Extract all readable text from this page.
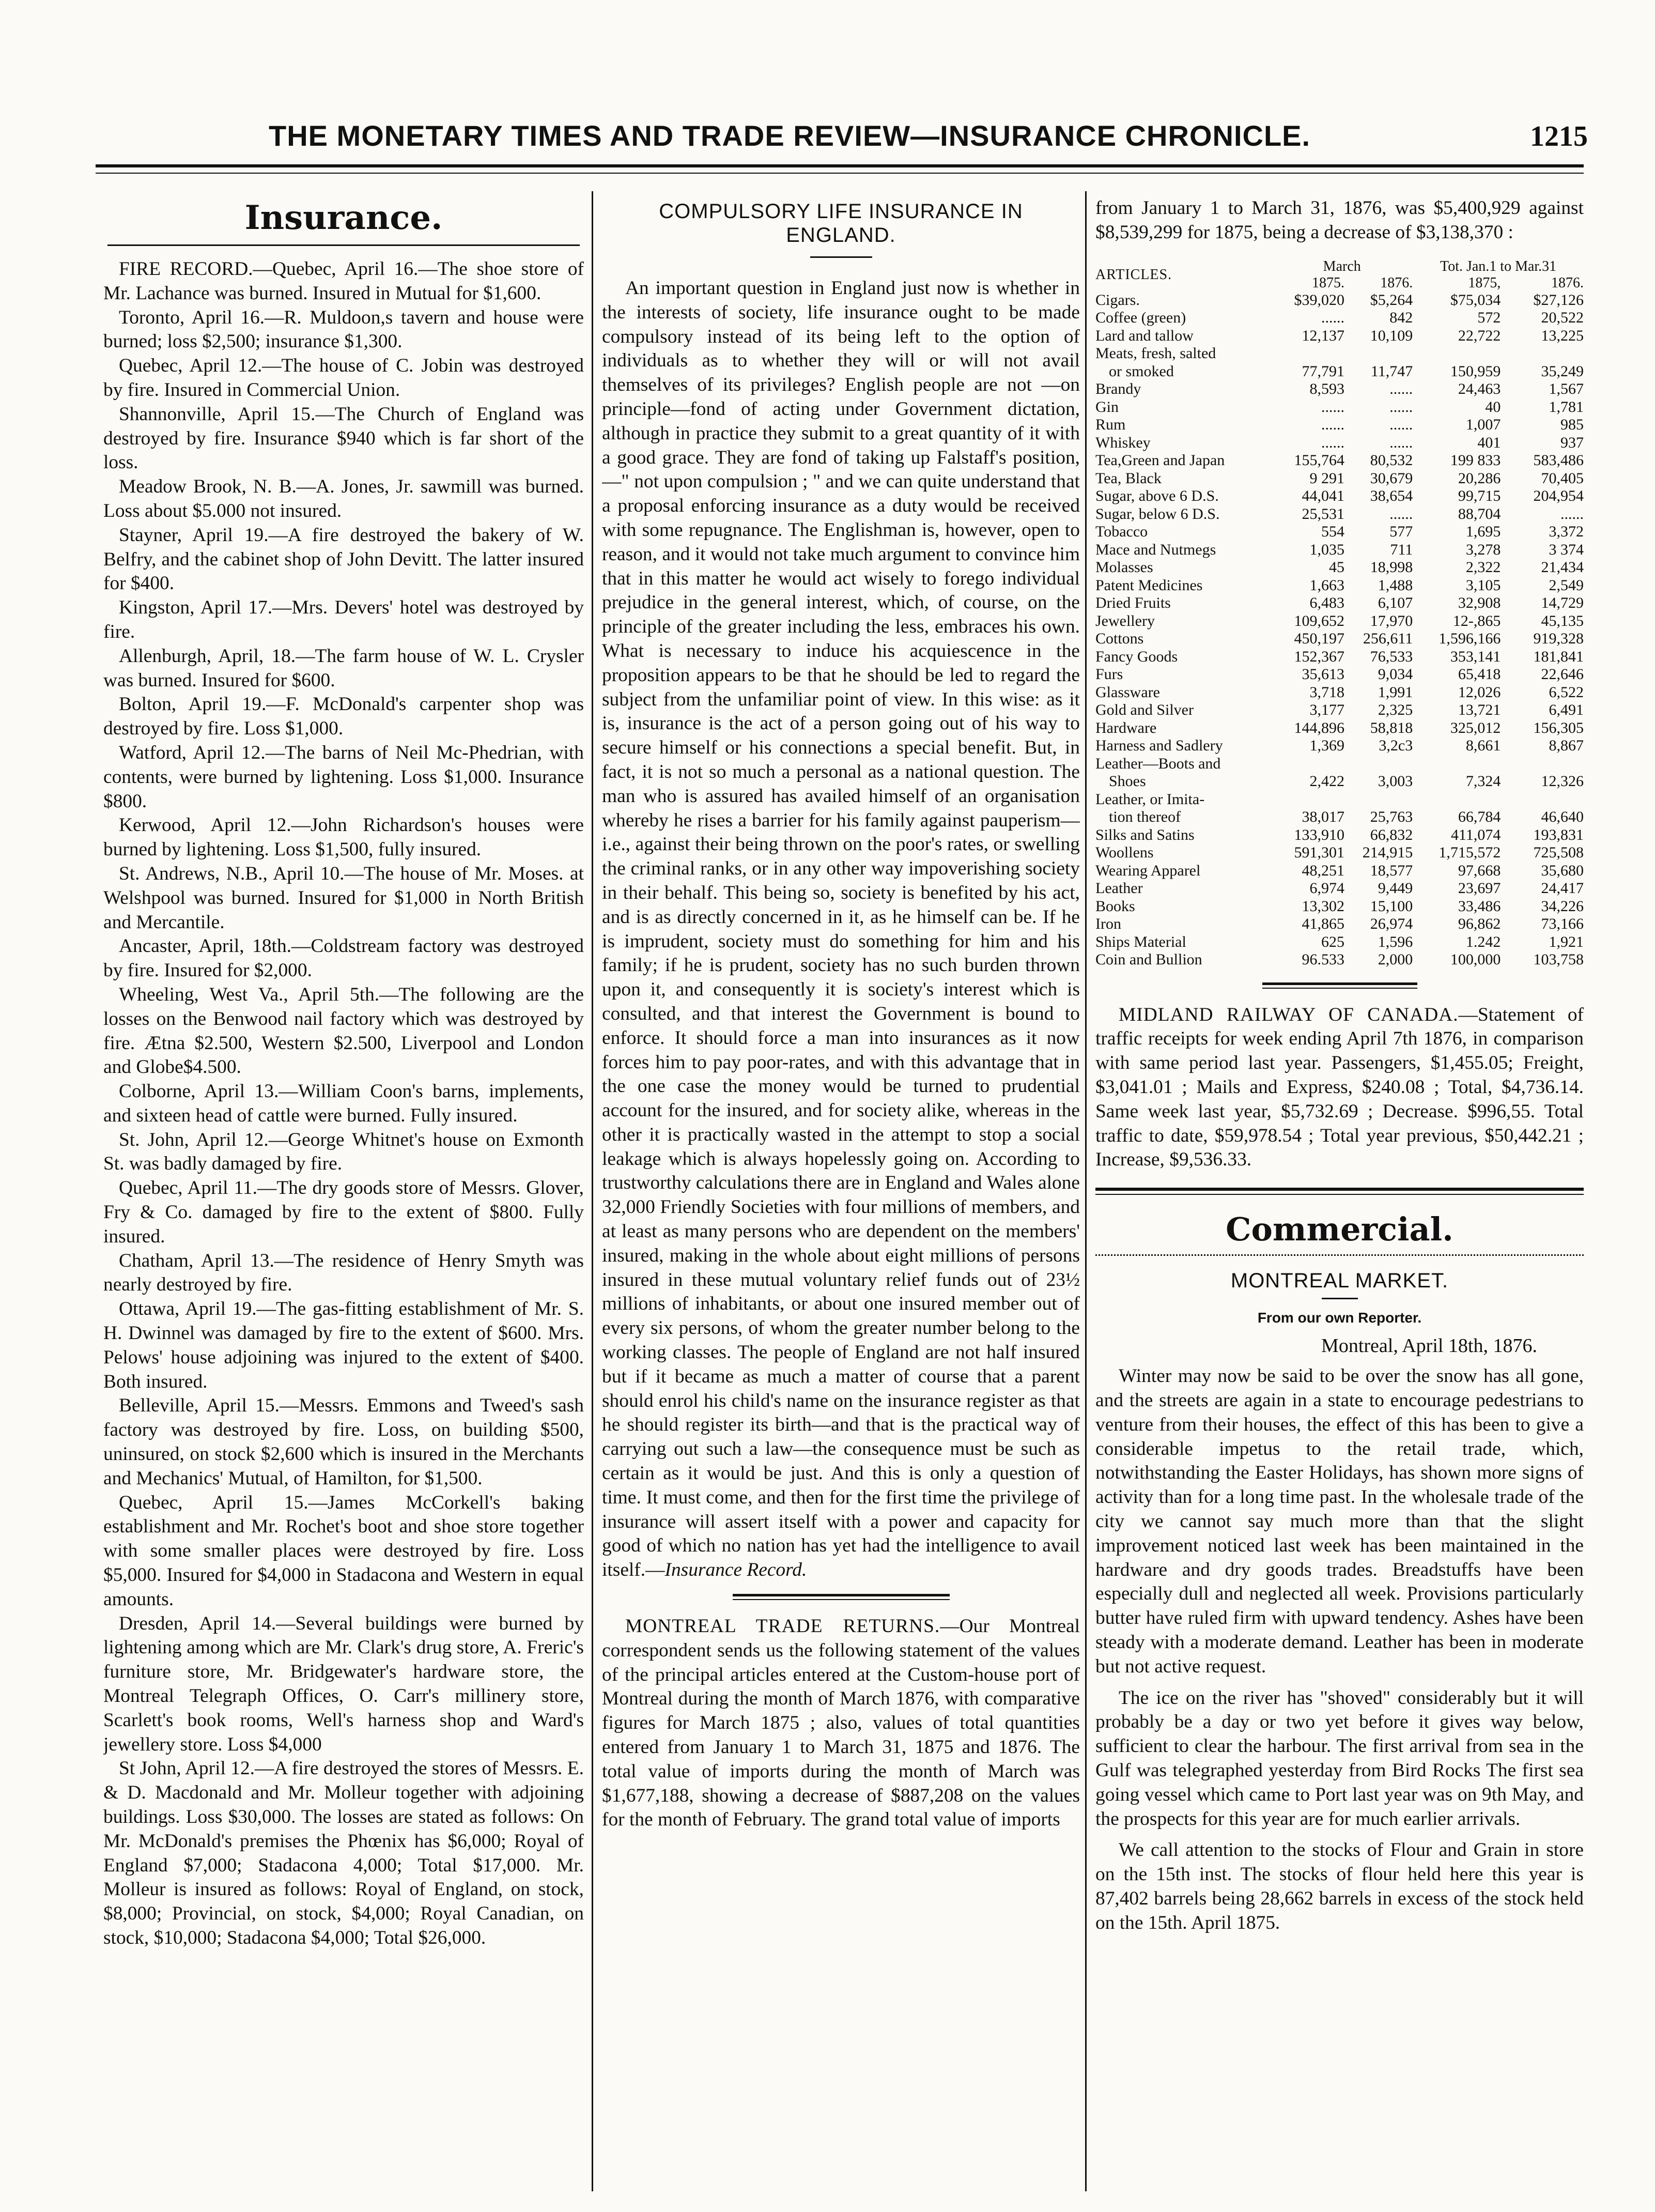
THE MONETARY TIMES AND TRADE REVIEW—INSURANCE CHRONICLE.	1215
Insurance.

FIRE RECORD.—Quebec, April 16.—The shoe store of Mr. Lachance was burned. Insured in Mutual for $1,600.

Toronto, April 16.—R. Muldoon,s tavern and house were burned; loss $2,500; insurance $1,300.

Quebec, April 12.—The house of C. Jobin was destroyed by fire. Insured in Commercial Union.

Shannonville, April 15.—The Church of England was destroyed by fire. Insurance $940 which is far short of the loss.

Meadow Brook, N. B.—A. Jones, Jr. sawmill was burned. Loss about $5.000 not insured.

Stayner, April 19.—A fire destroyed the bakery of W. Belfry, and the cabinet shop of John Devitt. The latter insured for $400.

Kingston, April 17.—Mrs. Devers' hotel was destroyed by fire.

Allenburgh, April, 18.—The farm house of W. L. Crysler was burned. Insured for $600.

Bolton, April 19.—F. McDonald's carpenter shop was destroyed by fire. Loss $1,000.

Watford, April 12.—The barns of Neil Mc-Phedrian, with contents, were burned by lightening. Loss $1,000. Insurance $800.

Kerwood, April 12.—John Richardson's houses were burned by lightening. Loss $1,500, fully insured.

St. Andrews, N.B., April 10.—The house of Mr. Moses. at Welshpool was burned. Insured for $1,000 in North British and Mercantile.

Ancaster, April, 18th.—Coldstream factory was destroyed by fire. Insured for $2,000.

Wheeling, West Va., April 5th.—The following are the losses on the Benwood nail factory which was destroyed by fire. Ætna $2.500, Western $2.500, Liverpool and London and Globe$4.500.

Colborne, April 13.—William Coon's barns, implements, and sixteen head of cattle were burned. Fully insured.

St. John, April 12.—George Whitnet's house on Exmonth St. was badly damaged by fire.

Quebec, April 11.—The dry goods store of Messrs. Glover, Fry & Co. damaged by fire to the extent of $800. Fully insured.

Chatham, April 13.—The residence of Henry Smyth was nearly destroyed by fire.

Ottawa, April 19.—The gas-fitting establishment of Mr. S. H. Dwinnel was damaged by fire to the extent of $600. Mrs. Pelows' house adjoining was injured to the extent of $400. Both insured.

Belleville, April 15.—Messrs. Emmons and Tweed's sash factory was destroyed by fire. Loss, on building $500, uninsured, on stock $2,600 which is insured in the Merchants and Mechanics' Mutual, of Hamilton, for $1,500.

Quebec, April 15.—James McCorkell's baking establishment and Mr. Rochet's boot and shoe store together with some smaller places were destroyed by fire. Loss $5,000. Insured for $4,000 in Stadacona and Western in equal amounts.

Dresden, April 14.—Several buildings were burned by lightening among which are Mr. Clark's drug store, A. Freric's furniture store, Mr. Bridgewater's hardware store, the Montreal Telegraph Offices, O. Carr's millinery store, Scarlett's book rooms, Well's harness shop and Ward's jewellery store. Loss $4,000

St John, April 12.—A fire destroyed the stores of Messrs. E. & D. Macdonald and Mr. Molleur together with adjoining buildings. Loss $30,000. The losses are stated as follows: On Mr. McDonald's premises the Phœnix has $6,000; Royal of England $7,000; Stadacona 4,000; Total $17,000. Mr. Molleur is insured as follows: Royal of England, on stock, $8,000; Provincial, on stock, $4,000; Royal Canadian, on stock, $10,000; Stadacona $4,000; Total $26,000.

COMPULSORY LIFE INSURANCE IN
ENGLAND.

An important question in England just now is whether in the interests of society, life insurance ought to be made compulsory instead of its being left to the option of individuals as to whether they will or will not avail themselves of its privileges? English people are not —on principle—fond of acting under Government dictation, although in practice they submit to a great quantity of it with a good grace. They are fond of taking up Falstaff's position,—" not upon compulsion ; " and we can quite understand that a proposal enforcing insurance as a duty would be received with some repugnance. The Englishman is, however, open to reason, and it would not take much argument to convince him that in this matter he would act wisely to forego individual prejudice in the general interest, which, of course, on the principle of the greater including the less, embraces his own. What is necessary to induce his acquiescence in the proposition appears to be that he should be led to regard the subject from the unfamiliar point of view. In this wise: as it is, insurance is the act of a person going out of his way to secure himself or his connections a special benefit. But, in fact, it is not so much a personal as a national question. The man who is assured has availed himself of an organisation whereby he rises a barrier for his family against pauperism—i.e., against their being thrown on the poor's rates, or swelling the criminal ranks, or in any other way impoverishing society in their behalf. This being so, society is benefited by his act, and is as directly concerned in it, as he himself can be. If he is imprudent, society must do something for him and his family; if he is prudent, society has no such burden thrown upon it, and consequently it is society's interest which is consulted, and that interest the Government is bound to enforce. It should force a man into insurances as it now forces him to pay poor-rates, and with this advantage that in the one case the money would be turned to prudential account for the insured, and for society alike, whereas in the other it is practically wasted in the attempt to stop a social leakage which is always hopelessly going on. According to trustworthy calculations there are in England and Wales alone 32,000 Friendly Societies with four millions of members, and at least as many persons who are dependent on the members' insured, making in the whole about eight millions of persons insured in these mutual voluntary relief funds out of 23½ millions of inhabitants, or about one insured member out of every six persons, of whom the greater number belong to the working classes. The people of England are not half insured but if it became as much a matter of course that a parent should enrol his child's name on the insurance register as that he should register its birth—and that is the practical way of carrying out such a law—the consequence must be such as certain as it would be just. And this is only a question of time. It must come, and then for the first time the privilege of insurance will assert itself with a power and capacity for good of which no nation has yet had the intelligence to avail itself.—Insurance Record.

MONTREAL TRADE RETURNS.—Our Montreal correspondent sends us the following statement of the values of the principal articles entered at the Custom-house port of Montreal during the month of March 1876, with comparative figures for March 1875 ; also, values of total quantities entered from January 1 to March 31, 1875 and 1876. The total value of imports during the month of March was $1,677,188, showing a decrease of $887,208 on the values for the month of February. The grand total value of imports

from January 1 to March 31, 1876, was $5,400,929 against $8,539,299 for 1875, being a decrease of $3,138,370 :

ARTICLES.	March		Tot. Jan.1 to Mar.31	
	1875.	1876.	1875,	1876.
Cigars.	$39,020	$5,264	$75,034	$27,126
Coffee (green)	......	842	572	20,522
Lard and tallow	12,137	10,109	22,722	13,225
Meats, fresh, salted				
or smoked	77,791	11,747	150,959	35,249
Brandy	8,593	......	24,463	1,567
Gin	......	......	40	1,781
Rum	......	......	1,007	985
Whiskey	......	......	401	937
Tea,Green and Japan	155,764	80,532	199 833	583,486
Tea, Black	9 291	30,679	20,286	70,405
Sugar, above 6 D.S.	44,041	38,654	99,715	204,954
Sugar, below 6 D.S.	25,531	......	88,704	......
Tobacco	554	577	1,695	3,372
Mace and Nutmegs	1,035	711	3,278	3 374
Molasses	45	18,998	2,322	21,434
Patent Medicines	1,663	1,488	3,105	2,549
Dried Fruits	6,483	6,107	32,908	14,729
Jewellery	109,652	17,970	12-,865	45,135
Cottons	450,197	256,611	1,596,166	919,328
Fancy Goods	152,367	76,533	353,141	181,841
Furs	35,613	9,034	65,418	22,646
Glassware	3,718	1,991	12,026	6,522
Gold and Silver	3,177	2,325	13,721	6,491
Hardware	144,896	58,818	325,012	156,305
Harness and Sadlery	1,369	3,2c3	8,661	8,867
Leather—Boots and				
Shoes	2,422	3,003	7,324	12,326
Leather, or Imita-				
tion thereof	38,017	25,763	66,784	46,640
Silks and Satins	133,910	66,832	411,074	193,831
Woollens	591,301	214,915	1,715,572	725,508
Wearing Apparel	48,251	18,577	97,668	35,680
Leather	6,974	9,449	23,697	24,417
Books	13,302	15,100	33,486	34,226
Iron	41,865	26,974	96,862	73,166
Ships Material	625	1,596	1.242	1,921
Coin and Bullion	96.533	2,000	100,000	103,758

MIDLAND RAILWAY OF CANADA.—Statement of traffic receipts for week ending April 7th 1876, in comparison with same period last year. Passengers, $1,455.05; Freight, $3,041.01 ; Mails and Express, $240.08 ; Total, $4,736.14. Same week last year, $5,732.69 ; Decrease. $996,55. Total traffic to date, $59,978.54 ; Total year previous, $50,442.21 ; Increase, $9,536.33.

Commercial.
MONTREAL MARKET.
From our own Reporter.
Montreal, April 18th, 1876.

Winter may now be said to be over the snow has all gone, and the streets are again in a state to encourage pedestrians to venture from their houses, the effect of this has been to give a considerable impetus to the retail trade, which, notwithstanding the Easter Holidays, has shown more signs of activity than for a long time past. In the wholesale trade of the city we cannot say much more than that the slight improvement noticed last week has been maintained in the hardware and dry goods trades. Breadstuffs have been especially dull and neglected all week. Provisions particularly butter have ruled firm with upward tendency. Ashes have been steady with a moderate demand. Leather has been in moderate but not active request.

The ice on the river has "shoved" considerably but it will probably be a day or two yet before it gives way below, sufficient to clear the harbour. The first arrival from sea in the Gulf was telegraphed yesterday from Bird Rocks The first sea going vessel which came to Port last year was on 9th May, and the prospects for this year are for much earlier arrivals.

We call attention to the stocks of Flour and Grain in store on the 15th inst. The stocks of flour held here this year is 87,402 barrels being 28,662 barrels in excess of the stock held on the 15th. April 1875.
